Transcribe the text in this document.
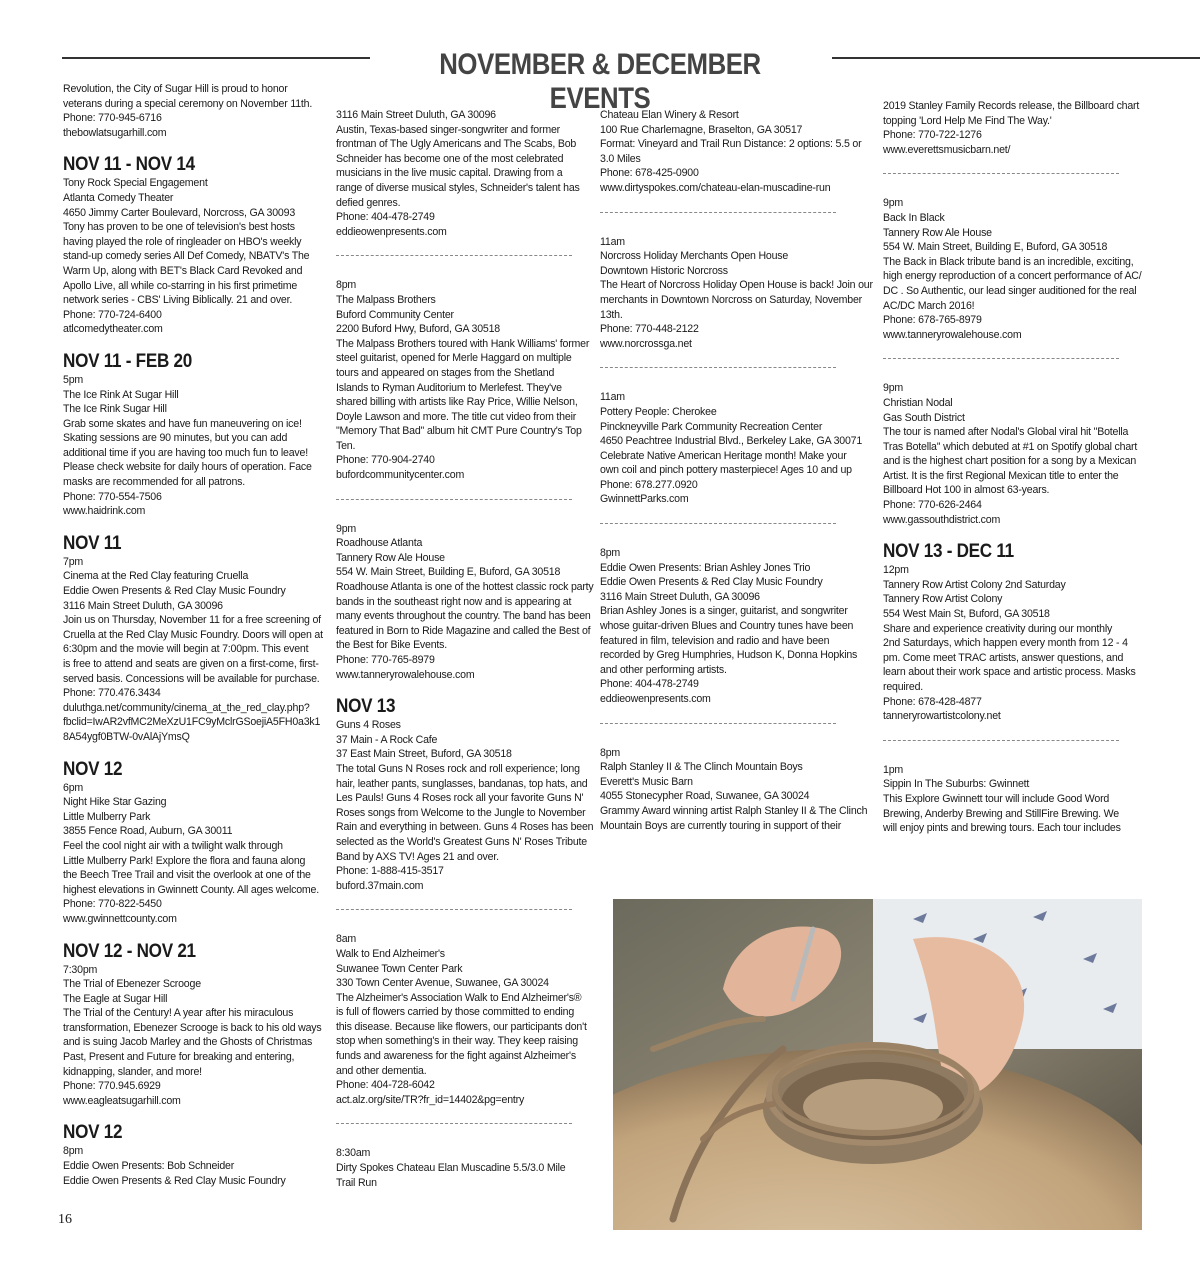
NOVEMBER & DECEMBER EVENTS
Revolution, the City of Sugar Hill is proud to honor
veterans during a special ceremony on November 11th.
Phone: 770-945-6716
thebowlatsugarhill.com
NOV 11 - NOV 14
Tony Rock Special Engagement
Atlanta Comedy Theater
4650 Jimmy Carter Boulevard, Norcross, GA 30093
Tony has proven to be one of television's best hosts
having played the role of ringleader on HBO's weekly
stand-up comedy series All Def Comedy, NBATV's The
Warm Up, along with BET's Black Card Revoked and
Apollo Live, all while co-starring in his first primetime
network series - CBS' Living Biblically. 21 and over.
Phone: 770-724-6400
atlcomedytheater.com
NOV 11 - FEB 20
5pm
The Ice Rink At Sugar Hill
The Ice Rink Sugar Hill
Grab some skates and have fun maneuvering on ice!
Skating sessions are 90 minutes, but you can add
additional time if you are having too much fun to leave!
Please check website for daily hours of operation. Face
masks are recommended for all patrons.
Phone: 770-554-7506
www.haidrink.com
NOV 11
7pm
Cinema at the Red Clay featuring Cruella
Eddie Owen Presents & Red Clay Music Foundry
3116 Main Street Duluth, GA 30096
Join us on Thursday, November 11 for a free screening of
Cruella at the Red Clay Music Foundry. Doors will open at
6:30pm and the movie will begin at 7:00pm. This event
is free to attend and seats are given on a first-come, first-
served basis. Concessions will be available for purchase.
Phone: 770.476.3434
duluthga.net/community/cinema_at_the_red_clay.php?
fbclid=IwAR2vfMC2MeXzU1FC9yMclrGSoejiA5FH0a3k1
8A54ygf0BTW-0vAlAjYmsQ
NOV 12
6pm
Night Hike Star Gazing
Little Mulberry Park
3855 Fence Road, Auburn, GA 30011
Feel the cool night air with a twilight walk through
Little Mulberry Park! Explore the flora and fauna along
the Beech Tree Trail and visit the overlook at one of the
highest elevations in Gwinnett County. All ages welcome.
Phone: 770-822-5450
www.gwinnettcounty.com
NOV 12 - NOV 21
7:30pm
The Trial of Ebenezer Scrooge
The Eagle at Sugar Hill
The Trial of the Century! A year after his miraculous
transformation, Ebenezer Scrooge is back to his old ways
and is suing Jacob Marley and the Ghosts of Christmas
Past, Present and Future for breaking and entering,
kidnapping, slander, and more!
Phone: 770.945.6929
www.eagleatsugarhill.com
NOV 12
8pm
Eddie Owen Presents: Bob Schneider
Eddie Owen Presents & Red Clay Music Foundry
3116 Main Street Duluth, GA 30096
Austin, Texas-based singer-songwriter and former
frontman of The Ugly Americans and The Scabs, Bob
Schneider has become one of the most celebrated
musicians in the live music capital. Drawing from a
range of diverse musical styles, Schneider's talent has
defied genres.
Phone: 404-478-2749
eddieowenpresents.com
8pm
The Malpass Brothers
Buford Community Center
2200 Buford Hwy, Buford, GA 30518
The Malpass Brothers toured with Hank Williams' former
steel guitarist, opened for Merle Haggard on multiple
tours and appeared on stages from the Shetland
Islands to Ryman Auditorium to Merlefest. They've
shared billing with artists like Ray Price, Willie Nelson,
Doyle Lawson and more. The title cut video from their
"Memory That Bad" album hit CMT Pure Country's Top
Ten.
Phone: 770-904-2740
bufordcommunitycenter.com
9pm
Roadhouse Atlanta
Tannery Row Ale House
554 W. Main Street, Building E, Buford, GA 30518
Roadhouse Atlanta is one of the hottest classic rock party
bands in the southeast right now and is appearing at
many events throughout the country. The band has been
featured in Born to Ride Magazine and called the Best of
the Best for Bike Events.
Phone: 770-765-8979
www.tanneryrowalehouse.com
NOV 13
Guns 4 Roses
37 Main - A Rock Cafe
37 East Main Street, Buford, GA 30518
The total Guns N Roses rock and roll experience; long
hair, leather pants, sunglasses, bandanas, top hats, and
Les Pauls! Guns 4 Roses rock all your favorite Guns N'
Roses songs from Welcome to the Jungle to November
Rain and everything in between. Guns 4 Roses has been
selected as the World's Greatest Guns N' Roses Tribute
Band by AXS TV! Ages 21 and over.
Phone: 1-888-415-3517
buford.37main.com
8am
Walk to End Alzheimer's
Suwanee Town Center Park
330 Town Center Avenue, Suwanee, GA 30024
The Alzheimer's Association Walk to End Alzheimer's®
is full of flowers carried by those committed to ending
this disease. Because like flowers, our participants don't
stop when something's in their way. They keep raising
funds and awareness for the fight against Alzheimer's
and other dementia.
Phone: 404-728-6042
act.alz.org/site/TR?fr_id=14402&pg=entry
8:30am
Dirty Spokes Chateau Elan Muscadine 5.5/3.0 Mile
Trail Run
Chateau Elan Winery & Resort
100 Rue Charlemagne, Braselton, GA 30517
Format: Vineyard and Trail Run Distance: 2 options: 5.5 or
3.0 Miles
Phone: 678-425-0900
www.dirtyspokes.com/chateau-elan-muscadine-run
11am
Norcross Holiday Merchants Open House
Downtown Historic Norcross
The Heart of Norcross Holiday Open House is back! Join our
merchants in Downtown Norcross on Saturday, November
13th.
Phone: 770-448-2122
www.norcrossga.net
11am
Pottery People: Cherokee
Pinckneyville Park Community Recreation Center
4650 Peachtree Industrial Blvd., Berkeley Lake, GA 30071
Celebrate Native American Heritage month! Make your
own coil and pinch pottery masterpiece! Ages 10 and up
Phone: 678.277.0920
GwinnettParks.com
8pm
Eddie Owen Presents: Brian Ashley Jones Trio
Eddie Owen Presents & Red Clay Music Foundry
3116 Main Street Duluth, GA 30096
Brian Ashley Jones is a singer, guitarist, and songwriter
whose guitar-driven Blues and Country tunes have been
featured in film, television and radio and have been
recorded by Greg Humphries, Hudson K, Donna Hopkins
and other performing artists.
Phone: 404-478-2749
eddieowenpresents.com
8pm
Ralph Stanley II & The Clinch Mountain Boys
Everett's Music Barn
4055 Stonecypher Road, Suwanee, GA 30024
Grammy Award winning artist Ralph Stanley II & The Clinch
Mountain Boys are currently touring in support of their
2019 Stanley Family Records release, the Billboard chart
topping 'Lord Help Me Find The Way.'
Phone: 770-722-1276
www.everettsmusicbarn.net/
9pm
Back In Black
Tannery Row Ale House
554 W. Main Street, Building E, Buford, GA 30518
The Back in Black tribute band is an incredible, exciting,
high energy reproduction of a concert performance of AC/
DC . So Authentic, our lead singer auditioned for the real
AC/DC March 2016!
Phone: 678-765-8979
www.tanneryrowalehouse.com
9pm
Christian Nodal
Gas South District
The tour is named after Nodal's Global viral hit "Botella
Tras Botella'' which debuted at #1 on Spotify global chart
and is the highest chart position for a song by a Mexican
Artist. It is the first Regional Mexican title to enter the
Billboard Hot 100 in almost 63-years.
Phone: 770-626-2464
www.gassouthdistrict.com
NOV 13 - DEC 11
12pm
Tannery Row Artist Colony 2nd Saturday
Tannery Row Artist Colony
554 West Main St, Buford, GA 30518
Share and experience creativity during our monthly
2nd Saturdays, which happen every month from 12 - 4
pm. Come meet TRAC artists, answer questions, and
learn about their work space and artistic process. Masks
required.
Phone: 678-428-4877
tanneryrowartistcolony.net
1pm
Sippin In The Suburbs: Gwinnett
This Explore Gwinnett tour will include Good Word
Brewing, Anderby Brewing and StillFire Brewing. We
will enjoy pints and brewing tours. Each tour includes
16
